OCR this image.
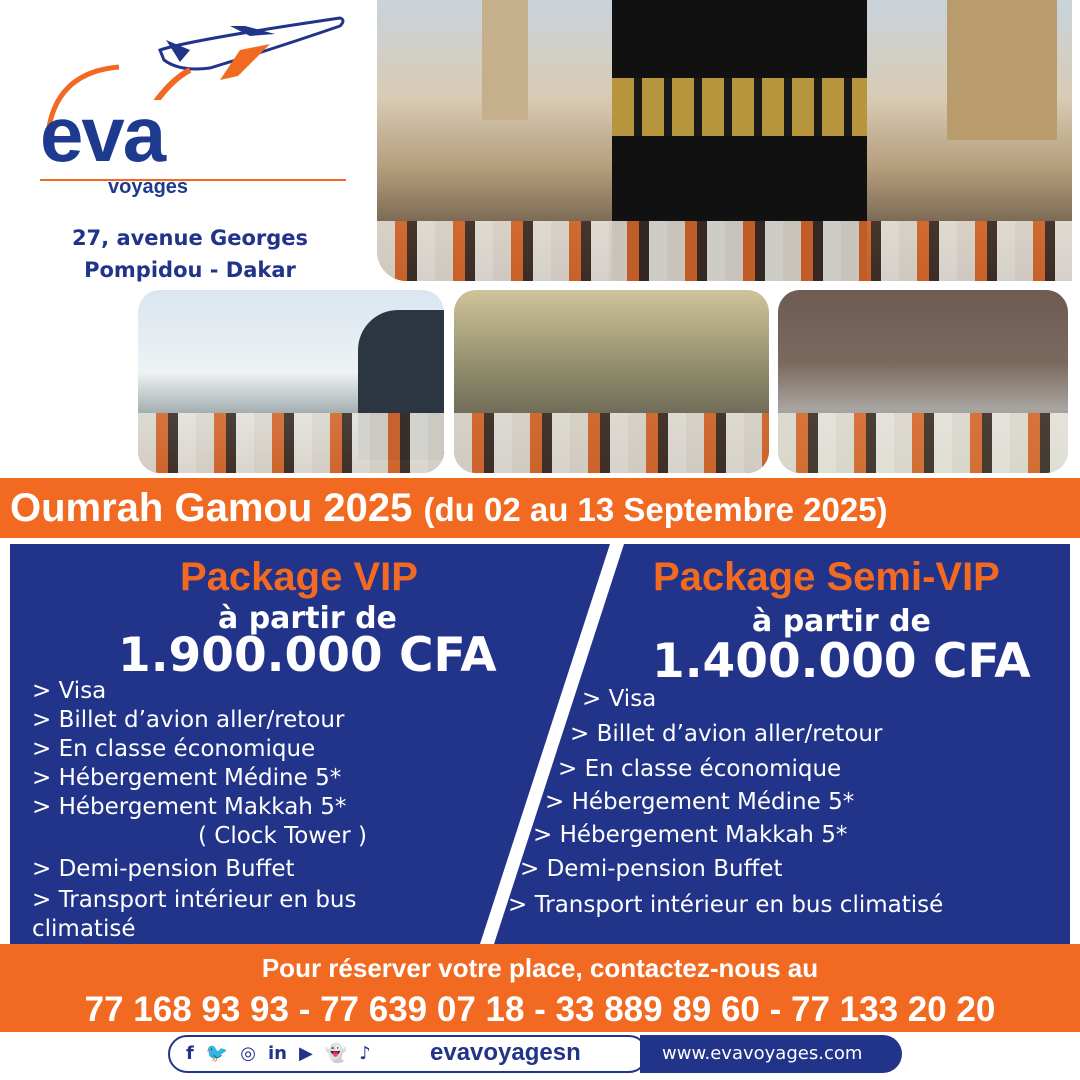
eva
voyages
27, avenue Georges
Pompidou - Dakar
Oumrah Gamou 2025 (du 02 au 13 Septembre 2025)
Package VIP
à partir de
1.900.000 CFA
> Visa
> Billet d’avion aller/retour
> En classe économique
> Hébergement Médine 5*
> Hébergement Makkah 5*
( Clock Tower )
> Demi-pension Buffet
> Transport intérieur en bus
climatisé
Package Semi-VIP
à partir de
1.400.000 CFA
> Visa
> Billet d’avion aller/retour
> En classe économique
> Hébergement Médine 5*
> Hébergement Makkah 5*
> Demi-pension Buffet
> Transport intérieur en bus climatisé
Pour réserver votre place, contactez-nous au
77 168 93 93 - 77 639 07 18 - 33 889 89 60 - 77 133 20 20
f 🐦 ◎ in ▶ 👻 ♪ evavoyagesn	www.evavoyages.com
